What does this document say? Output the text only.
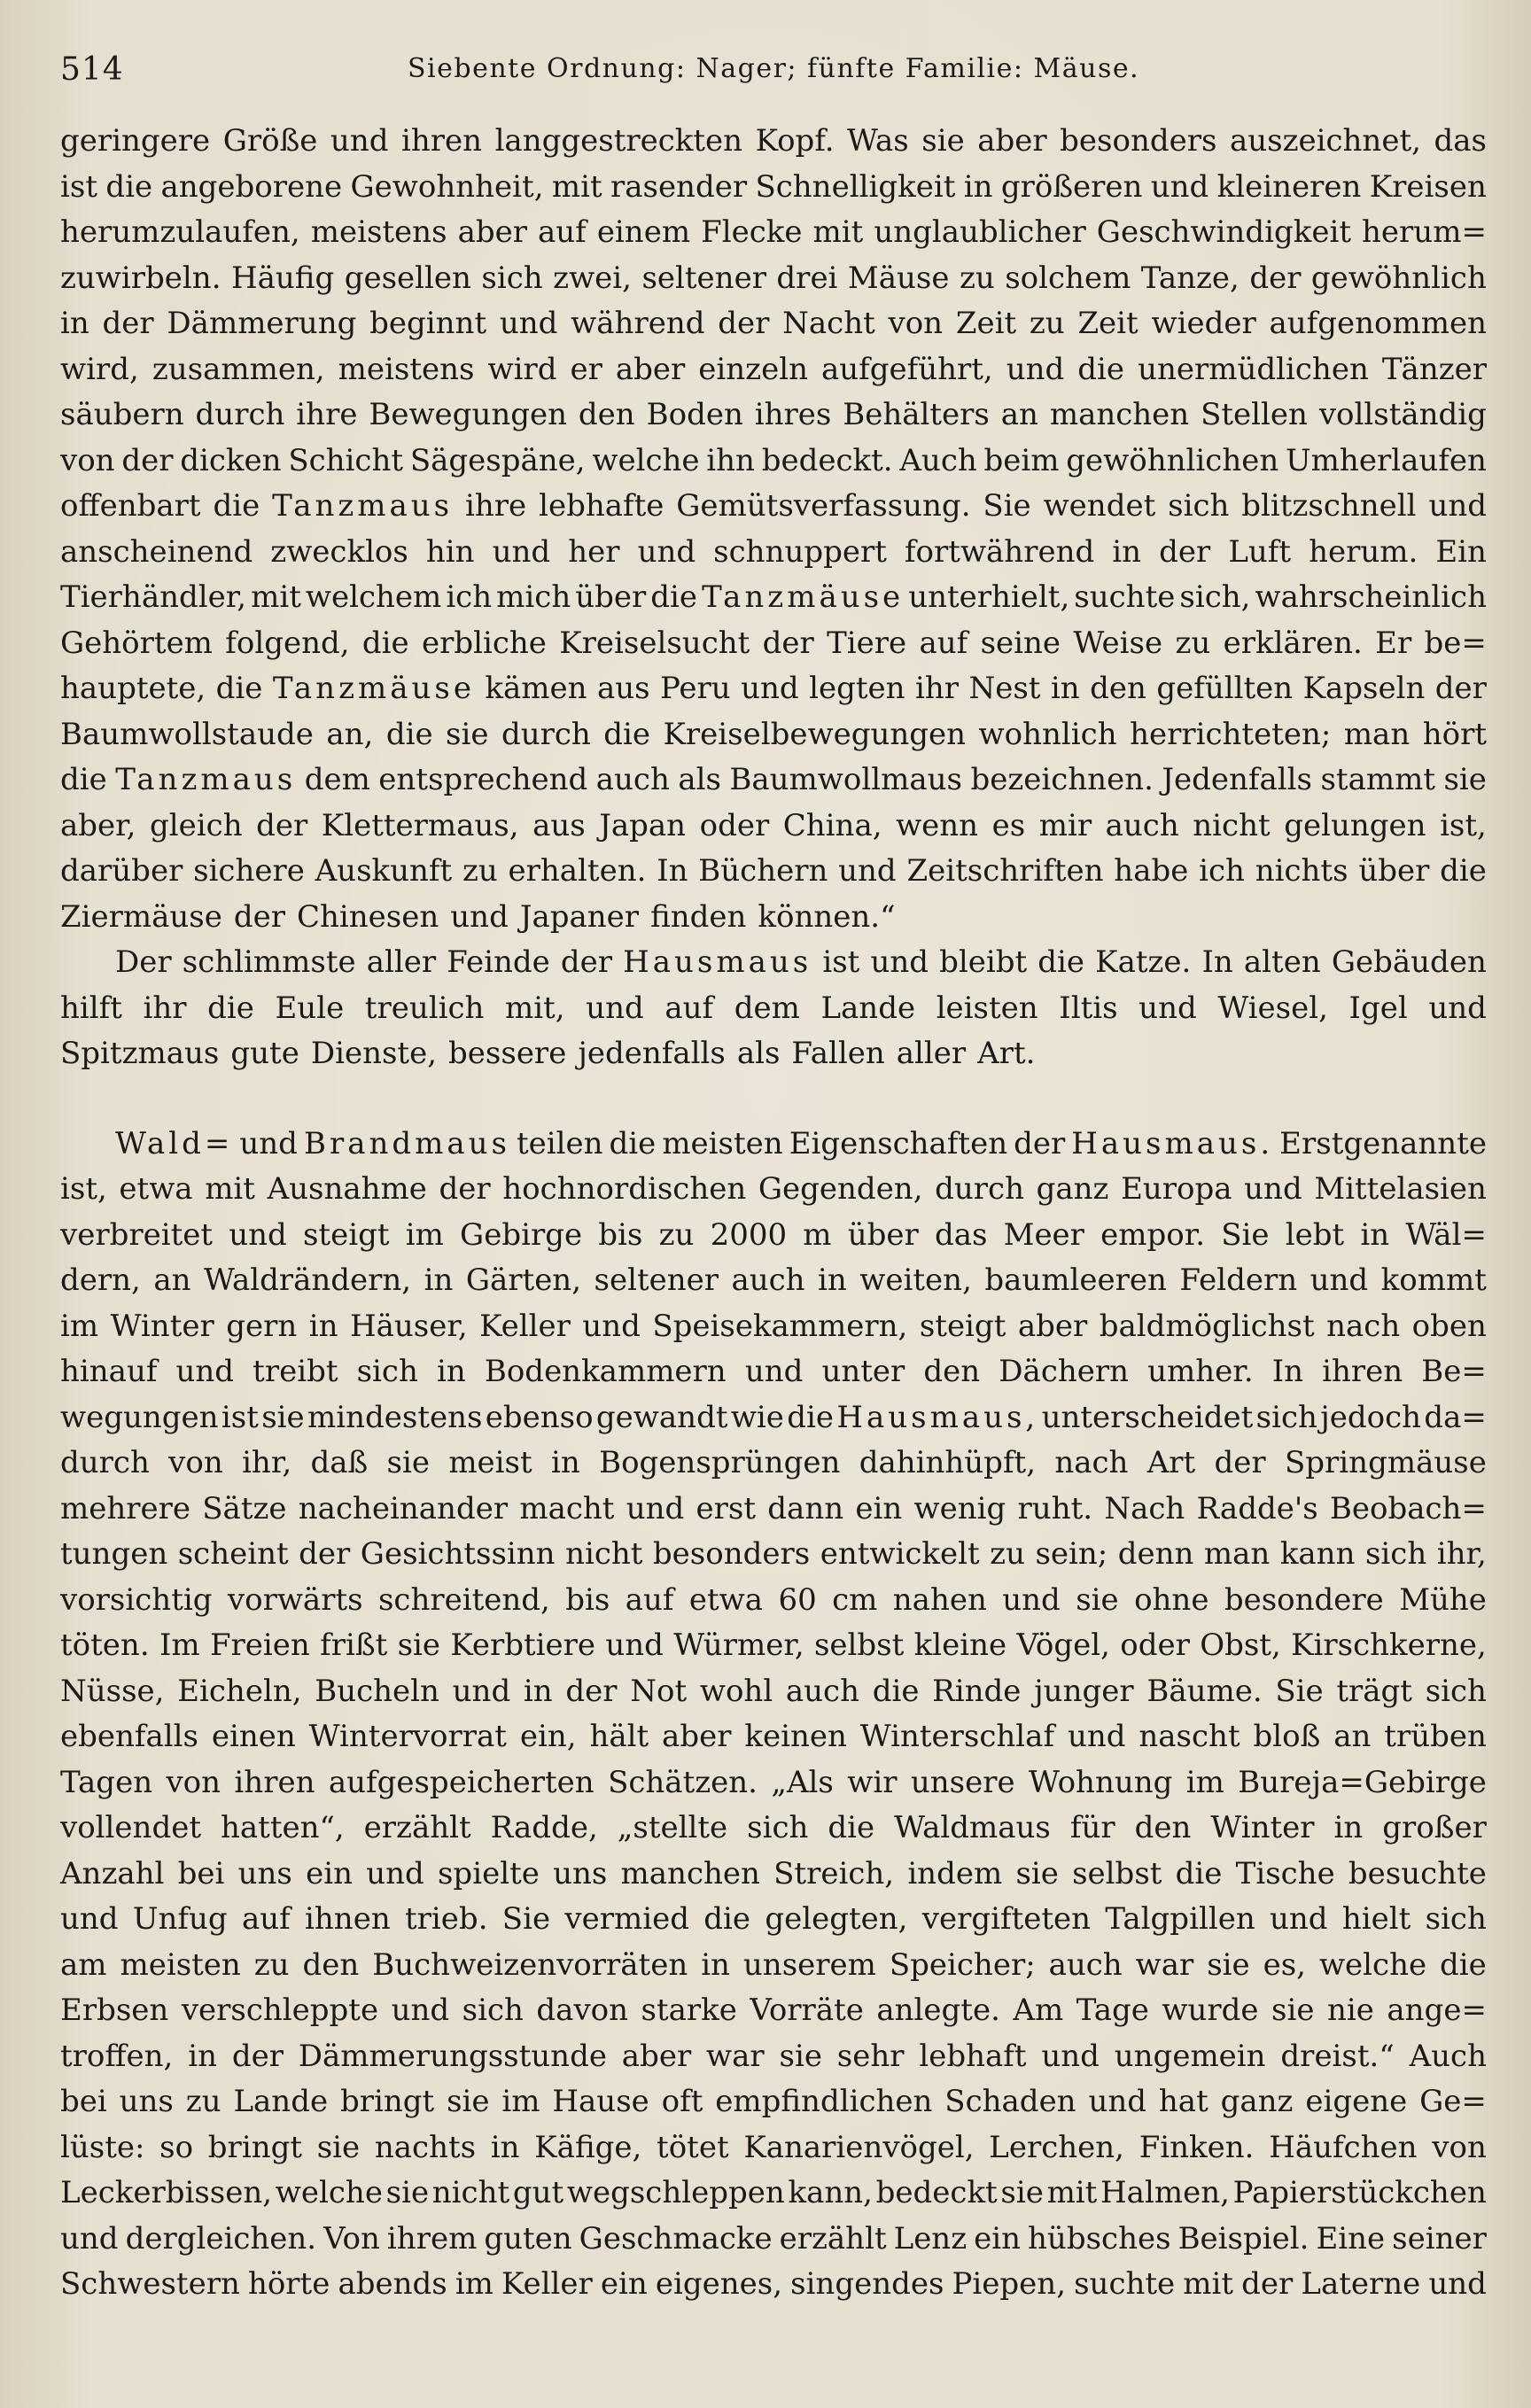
514	Siebente Ordnung: Nager; fünfte Familie: Mäuse.
geringere Größe und ihren langgestreckten Kopf. Was sie aber besonders auszeichnet, das
ist die angeborene Gewohnheit, mit rasender Schnelligkeit in größeren und kleineren Kreisen
herumzulaufen, meistens aber auf einem Flecke mit unglaublicher Geschwindigkeit herum=
zuwirbeln. Häufig gesellen sich zwei, seltener drei Mäuse zu solchem Tanze, der gewöhnlich
in der Dämmerung beginnt und während der Nacht von Zeit zu Zeit wieder aufgenommen
wird, zusammen, meistens wird er aber einzeln aufgeführt, und die unermüdlichen Tänzer
säubern durch ihre Bewegungen den Boden ihres Behälters an manchen Stellen vollständig
von der dicken Schicht Sägespäne, welche ihn bedeckt. Auch beim gewöhnlichen Umherlaufen
offenbart die Tanzmaus ihre lebhafte Gemütsverfassung. Sie wendet sich blitzschnell und
anscheinend zwecklos hin und her und schnuppert fortwährend in der Luft herum. Ein
Tierhändler, mit welchem ich mich über die Tanzmäuse unterhielt, suchte sich, wahrscheinlich
Gehörtem folgend, die erbliche Kreiselsucht der Tiere auf seine Weise zu erklären. Er be=
hauptete, die Tanzmäuse kämen aus Peru und legten ihr Nest in den gefüllten Kapseln der
Baumwollstaude an, die sie durch die Kreiselbewegungen wohnlich herrichteten; man hört
die Tanzmaus dem entsprechend auch als Baumwollmaus bezeichnen. Jedenfalls stammt sie
aber, gleich der Klettermaus, aus Japan oder China, wenn es mir auch nicht gelungen ist,
darüber sichere Auskunft zu erhalten. In Büchern und Zeitschriften habe ich nichts über die
Ziermäuse der Chinesen und Japaner finden können.“
Der schlimmste aller Feinde der Hausmaus ist und bleibt die Katze. In alten Gebäuden
hilft ihr die Eule treulich mit, und auf dem Lande leisten Iltis und Wiesel, Igel und
Spitzmaus gute Dienste, bessere jedenfalls als Fallen aller Art.
Wald= und Brandmaus teilen die meisten Eigenschaften der Hausmaus. Erstgenannte
ist, etwa mit Ausnahme der hochnordischen Gegenden, durch ganz Europa und Mittelasien
verbreitet und steigt im Gebirge bis zu 2000 m über das Meer empor. Sie lebt in Wäl=
dern, an Waldrändern, in Gärten, seltener auch in weiten, baumleeren Feldern und kommt
im Winter gern in Häuser, Keller und Speisekammern, steigt aber baldmöglichst nach oben
hinauf und treibt sich in Bodenkammern und unter den Dächern umher. In ihren Be=
wegungen ist sie mindestens ebenso gewandt wie die Hausmaus, unterscheidet sich jedoch da=
durch von ihr, daß sie meist in Bogensprüngen dahinhüpft, nach Art der Springmäuse
mehrere Sätze nacheinander macht und erst dann ein wenig ruht. Nach Radde's Beobach=
tungen scheint der Gesichtssinn nicht besonders entwickelt zu sein; denn man kann sich ihr,
vorsichtig vorwärts schreitend, bis auf etwa 60 cm nahen und sie ohne besondere Mühe
töten. Im Freien frißt sie Kerbtiere und Würmer, selbst kleine Vögel, oder Obst, Kirschkerne,
Nüsse, Eicheln, Bucheln und in der Not wohl auch die Rinde junger Bäume. Sie trägt sich
ebenfalls einen Wintervorrat ein, hält aber keinen Winterschlaf und nascht bloß an trüben
Tagen von ihren aufgespeicherten Schätzen. „Als wir unsere Wohnung im Bureja=Gebirge
vollendet hatten“, erzählt Radde, „stellte sich die Waldmaus für den Winter in großer
Anzahl bei uns ein und spielte uns manchen Streich, indem sie selbst die Tische besuchte
und Unfug auf ihnen trieb. Sie vermied die gelegten, vergifteten Talgpillen und hielt sich
am meisten zu den Buchweizenvorräten in unserem Speicher; auch war sie es, welche die
Erbsen verschleppte und sich davon starke Vorräte anlegte. Am Tage wurde sie nie ange=
troffen, in der Dämmerungsstunde aber war sie sehr lebhaft und ungemein dreist.“ Auch
bei uns zu Lande bringt sie im Hause oft empfindlichen Schaden und hat ganz eigene Ge=
lüste: so bringt sie nachts in Käfige, tötet Kanarienvögel, Lerchen, Finken. Häufchen von
Leckerbissen, welche sie nicht gut wegschleppen kann, bedeckt sie mit Halmen, Papierstückchen
und dergleichen. Von ihrem guten Geschmacke erzählt Lenz ein hübsches Beispiel. Eine seiner
Schwestern hörte abends im Keller ein eigenes, singendes Piepen, suchte mit der Laterne und
